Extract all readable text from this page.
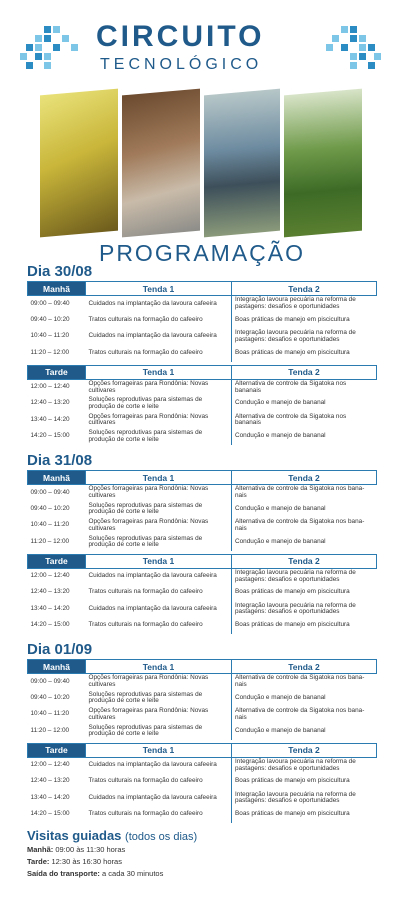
CIRCUITO
TECNOLÓGICO
PROGRAMAÇÃO
Dia 30/08
Manhã	Tenda 1	Tenda 2
09:00 – 09:40	Cuidados na implantação da lavoura cafeeira	Integração lavoura pecuária na reforma de pastagens: desafios e oportunidades
09:40 – 10:20	Tratos culturais na formação do cafeeiro	Boas práticas de manejo em piscicultura
10:40 – 11:20	Cuidados na implantação da lavoura cafeeira	Integração lavoura pecuária na reforma de pastagens: desafios e oportunidades
11:20 – 12:00	Tratos culturais na formação do cafeeiro	Boas práticas de manejo em piscicultura
Tarde	Tenda 1	Tenda 2
12:00 – 12:40	Opções forrageiras para Rondônia: Novas cultivares	Alternativa de controle da Sigatoka nos bananais
12:40 – 13:20	Soluções reprodutivas para sistemas de produção de corte e leite	Condução e manejo de bananal
13:40 – 14:20	Opções forrageiras para Rondônia: Novas cultivares	Alternativa de controle da Sigatoka nos bananais
14:20 – 15:00	Soluções reprodutivas para sistemas de produção de corte e leite	Condução e manejo de bananal
Dia 31/08
Manhã	Tenda 1	Tenda 2
09:00 – 09:40	Opções forrageiras para Rondônia: Novas cultivares	Alternativa de controle da Sigatoka nos bana-nais
09:40 – 10:20	Soluções reprodutivas para sistemas de produção de corte e leite	Condução e manejo de bananal
10:40 – 11:20	Opções forrageiras para Rondônia: Novas cultivares	Alternativa de controle da Sigatoka nos bana-nais
11:20 – 12:00	Soluções reprodutivas para sistemas de produção de corte e leite	Condução e manejo de bananal
Tarde	Tenda 1	Tenda 2
12:00 – 12:40	Cuidados na implantação da lavoura cafeeira	Integração lavoura pecuária na reforma de pastagens: desafios e oportunidades
12:40 – 13:20	Tratos culturais na formação do cafeeiro	Boas práticas de manejo em piscicultura
13:40 – 14:20	Cuidados na implantação da lavoura cafeeira	Integração lavoura pecuária na reforma de pastagens: desafios e oportunidades
14:20 – 15:00	Tratos culturais na formação do cafeeiro	Boas práticas de manejo em piscicultura
Dia 01/09
Manhã	Tenda 1	Tenda 2
09:00 – 09:40	Opções forrageiras para Rondônia: Novas cultivares	Alternativa de controle da Sigatoka nos bana-nais
09:40 – 10:20	Soluções reprodutivas para sistemas de produção de corte e leite	Condução e manejo de bananal
10:40 – 11:20	Opções forrageiras para Rondônia: Novas cultivares	Alternativa de controle da Sigatoka nos bana-nais
11:20 – 12:00	Soluções reprodutivas para sistemas de produção de corte e leite	Condução e manejo de bananal
Tarde	Tenda 1	Tenda 2
12:00 – 12:40	Cuidados na implantação da lavoura cafeeira	Integração lavoura pecuária na reforma de pastagens: desafios e oportunidades
12:40 – 13:20	Tratos culturais na formação do cafeeiro	Boas práticas de manejo em piscicultura
13:40 – 14:20	Cuidados na implantação da lavoura cafeeira	Integração lavoura pecuária na reforma de pastagens: desafios e oportunidades
14:20 – 15:00	Tratos culturais na formação do cafeeiro	Boas práticas de manejo em piscicultura
Visitas guiadas (todos os dias)
Manhã: 09:00 às 11:30 horas
Tarde: 12:30 às 16:30 horas
Saída do transporte: a cada 30 minutos
